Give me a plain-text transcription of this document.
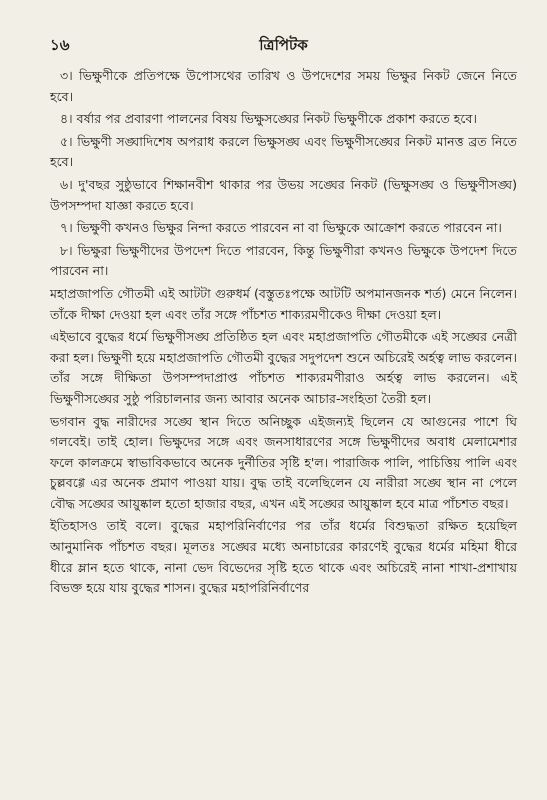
১৬	ত্রিপিটক

৩। ভিক্ষুণীকে প্রতিপক্ষে উপোসথের তারিখ ও উপদেশের সময় ভিক্ষুর নিকট জেনে নিতে হবে।

৪। বর্ষার পর প্রবারণা পালনের বিষয় ভিক্ষুসঙ্ঘের নিকট ভিক্ষুণীকে প্রকাশ করতে হবে।

৫। ভিক্ষুণী সঙ্ঘাদিশেষ অপরাধ করলে ভিক্ষুসঙ্ঘ এবং ভিক্ষুণীসঙ্ঘের নিকট মানত্ত ব্রত নিতে হবে।

৬। দু'বছর সুষ্ঠুভাবে শিক্ষানবীশ থাকার পর উভয় সঙ্ঘের নিকট (ভিক্ষুসঙ্ঘ ও ভিক্ষুণীসঙ্ঘ) উপসম্পদা যাজ্ঞা করতে হবে।

৭। ভিক্ষুণী কখনও ভিক্ষুর নিন্দা করতে পারবেন না বা ভিক্ষুকে আক্রোশ করতে পারবেন না।

৮। ভিক্ষুরা ভিক্ষুণীদের উপদেশ দিতে পারবেন, কিন্তু ভিক্ষুণীরা কখনও ভিক্ষুকে উপদেশ দিতে পারবেন না।

মহাপ্রজাপতি গৌতমী এই আটটা গুরুধর্ম (বস্তুতঃপক্ষে আটটি অপমানজনক শর্ত) মেনে নিলেন। তাঁকে দীক্ষা দেওয়া হল এবং তাঁর সঙ্গে পাঁচশত শাক্যরমণীকেও দীক্ষা দেওয়া হল।

এইভাবে বুদ্ধের ধর্মে ভিক্ষুণীসঙ্ঘ প্রতিষ্ঠিত হল এবং মহাপ্রজাপতি গৌতমীকে এই সঙ্ঘের নেত্রী করা হল। ভিক্ষুণী হয়ে মহাপ্রজাপতি গৌতমী বুদ্ধের সদুপদেশ শুনে অচিরেই অর্হত্ব লাভ করলেন। তাঁর সঙ্গে দীক্ষিতা উপসম্পদাপ্রাপ্ত পাঁচশত শাক্যরমণীরাও অর্হত্ব লাভ করলেন। এই ভিক্ষুণীসঙ্ঘের সুষ্ঠু পরিচালনার জন্য আবার অনেক আচার-সংহিতা তৈরী হল।

ভগবান বুদ্ধ নারীদের সঙ্ঘে স্থান দিতে অনিচ্ছুক এইজন্যই ছিলেন যে আগুনের পাশে ঘি গলবেই। তাই হোল। ভিক্ষুদের সঙ্গে এবং জনসাধারণের সঙ্গে ভিক্ষুণীদের অবাধ মেলামেশার ফলে কালক্রমে স্বাভাবিকভাবে অনেক দুর্নীতির সৃষ্টি হ'ল। পারাজিক পালি, পাচিত্তিয় পালি এবং চুল্লবগ্গে এর অনেক প্রমাণ পাওয়া যায়। বুদ্ধ তাই বলেছিলেন যে নারীরা সঙ্ঘে স্থান না পেলে বৌদ্ধ সঙ্ঘের আয়ুষ্কাল হতো হাজার বছর, এখন এই সঙ্ঘের আয়ুষ্কাল হবে মাত্র পাঁচশত বছর।

ইতিহাসও তাই বলে। বুদ্ধের মহাপরিনির্বাণের পর তাঁর ধর্মের বিশুদ্ধতা রক্ষিত হয়েছিল আনুমানিক পাঁচশত বছর। মূলতঃ সঙ্ঘের মধ্যে অনাচারের কারণেই বুদ্ধের ধর্মের মহিমা ধীরে ধীরে ম্লান হতে থাকে, নানা ভেদ বিভেদের সৃষ্টি হতে থাকে এবং অচিরেই নানা শাখা-প্রশাখায় বিভক্ত হয়ে যায় বুদ্ধের শাসন। বুদ্ধের মহাপরিনির্বাণের
